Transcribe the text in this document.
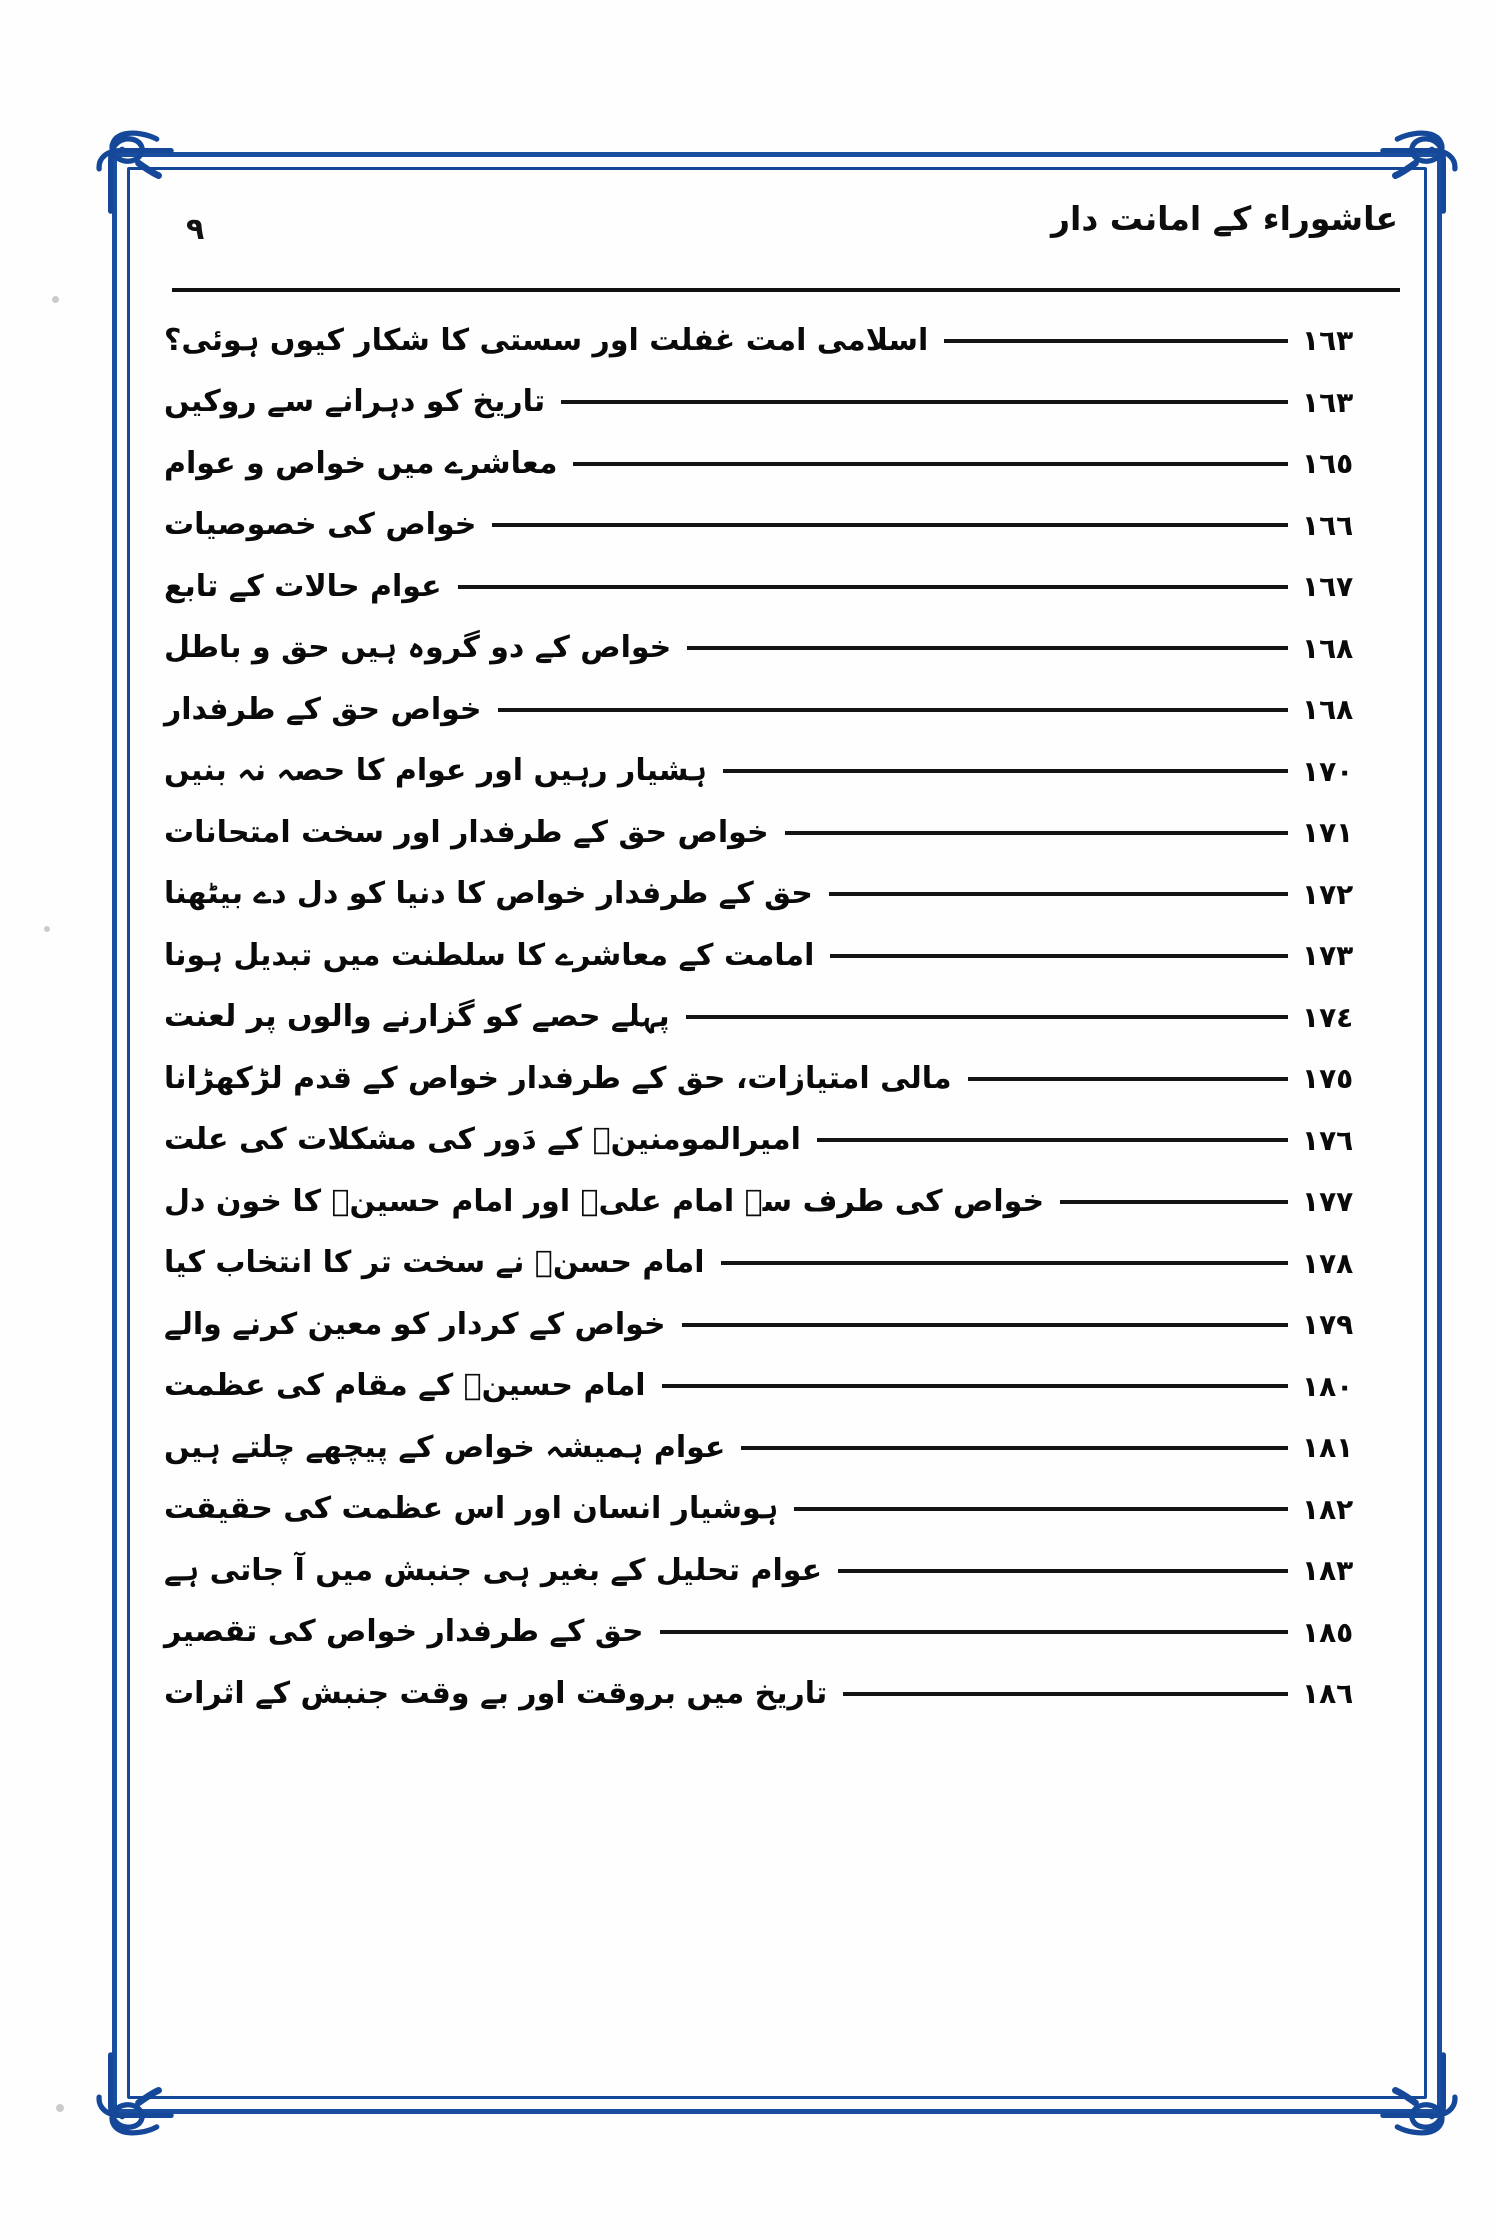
٩	عاشوراء کے امانت دار
١٦٣
اسلامی امت غفلت اور سستی کا شکار کیوں ہوئی؟
١٦٣
تاریخ کو دہرانے سے روکیں
١٦٥
معاشرے میں خواص و عوام
١٦٦
خواص کی خصوصیات
١٦٧
عوام حالات کے تابع
١٦٨
خواص کے دو گروہ ہیں حق و باطل
١٦٨
خواص حق کے طرفدار
١٧٠
ہشیار رہیں اور عوام کا حصہ نہ بنیں
١٧١
خواص حق کے طرفدار اور سخت امتحانات
١٧٢
حق کے طرفدار خواص کا دنیا کو دل دے بیٹھنا
١٧٣
امامت کے معاشرے کا سلطنت میں تبدیل ہونا
١٧٤
پہلے حصے کو گزارنے والوں پر لعنت
١٧٥
مالی امتیازات، حق کے طرفدار خواص کے قدم لڑکھڑانا
١٧٦
امیرالمومنینؑ کے دَور کی مشکلات کی علت
١٧٧
خواص کی طرف سے امام علیؑ اور امام حسینؑ کا خون دل
١٧٨
امام حسنؑ نے سخت تر کا انتخاب کیا
١٧٩
خواص کے کردار کو معین کرنے والے
١٨٠
امام حسینؑ کے مقام کی عظمت
١٨١
عوام ہمیشہ خواص کے پیچھے چلتے ہیں
١٨٢
ہوشیار انسان اور اس عظمت کی حقیقت
١٨٣
عوام تحلیل کے بغیر ہی جنبش میں آ جاتی ہے
١٨٥
حق کے طرفدار خواص کی تقصیر
١٨٦
تاریخ میں بروقت اور بے وقت جنبش کے اثرات
